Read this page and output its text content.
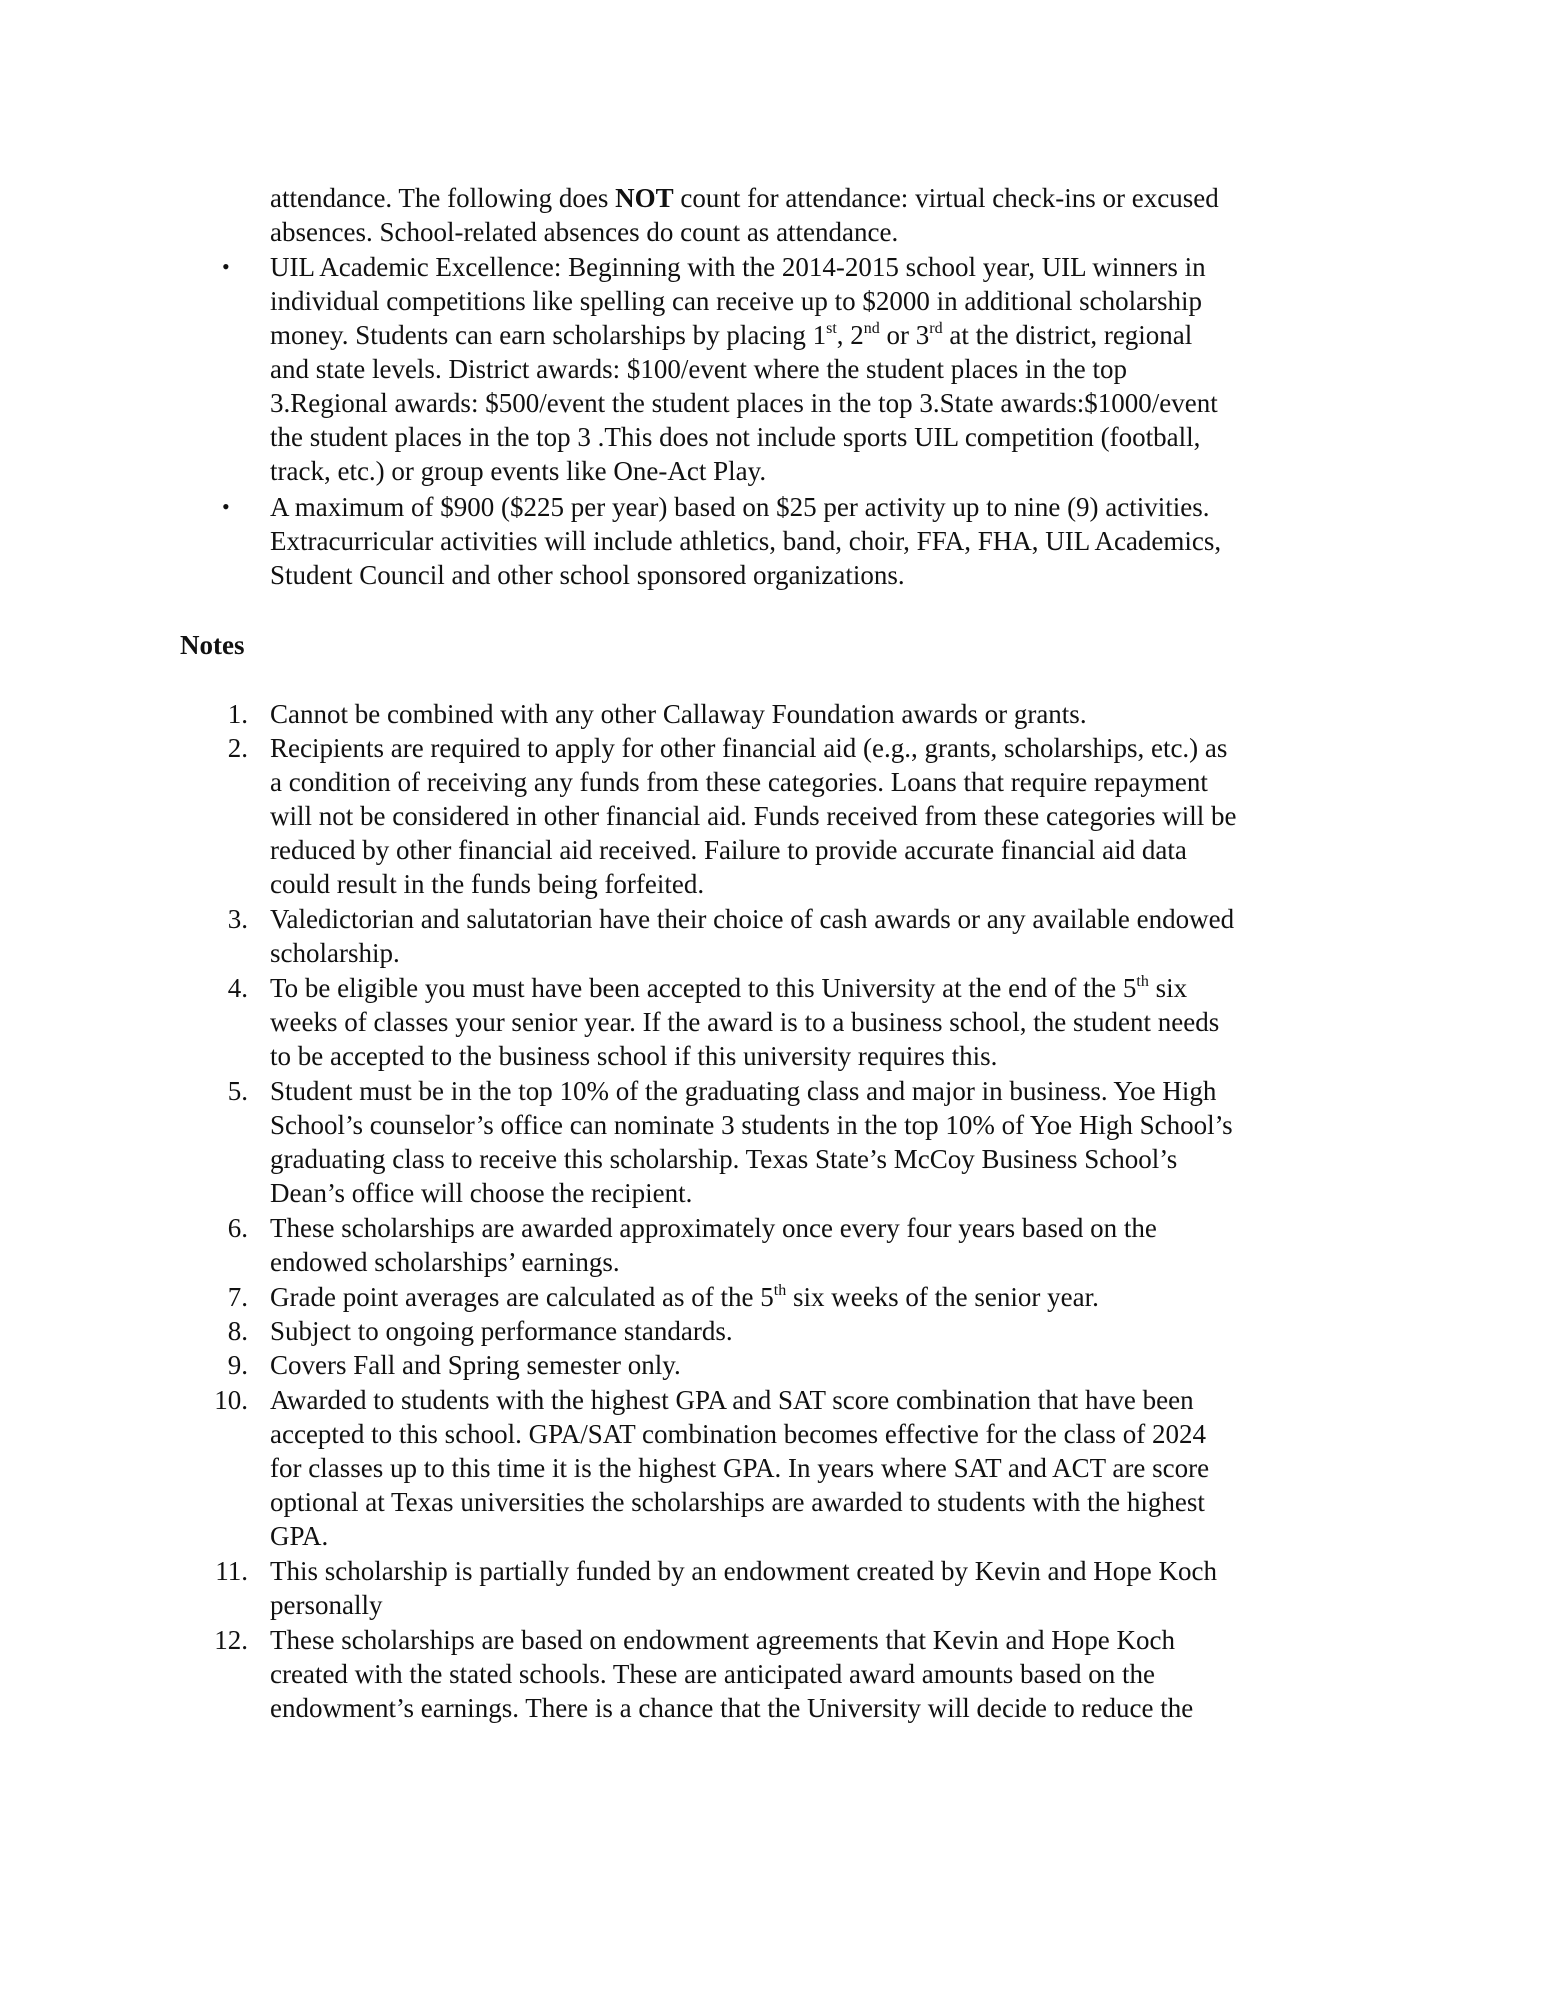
attendance. The following does NOT count for attendance: virtual check-ins or excused
absences. School-related absences do count as attendance.
• UIL Academic Excellence: Beginning with the 2014-2015 school year, UIL winners in
individual competitions like spelling can receive up to $2000 in additional scholarship
money. Students can earn scholarships by placing 1st, 2nd or 3rd at the district, regional
and state levels. District awards: $100/event where the student places in the top
3.Regional awards: $500/event the student places in the top 3.State awards:$1000/event
the student places in the top 3 .This does not include sports UIL competition (football,
track, etc.) or group events like One-Act Play.
• A maximum of $900 ($225 per year) based on $25 per activity up to nine (9) activities.
Extracurricular activities will include athletics, band, choir, FFA, FHA, UIL Academics,
Student Council and other school sponsored organizations.
Notes
1. Cannot be combined with any other Callaway Foundation awards or grants.
2. Recipients are required to apply for other financial aid (e.g., grants, scholarships, etc.) as
a condition of receiving any funds from these categories. Loans that require repayment
will not be considered in other financial aid. Funds received from these categories will be
reduced by other financial aid received. Failure to provide accurate financial aid data
could result in the funds being forfeited.
3. Valedictorian and salutatorian have their choice of cash awards or any available endowed
scholarship.
4. To be eligible you must have been accepted to this University at the end of the 5th six
weeks of classes your senior year. If the award is to a business school, the student needs
to be accepted to the business school if this university requires this.
5. Student must be in the top 10% of the graduating class and major in business. Yoe High
School’s counselor’s office can nominate 3 students in the top 10% of Yoe High School’s
graduating class to receive this scholarship. Texas State’s McCoy Business School’s
Dean’s office will choose the recipient.
6. These scholarships are awarded approximately once every four years based on the
endowed scholarships’ earnings.
7. Grade point averages are calculated as of the 5th six weeks of the senior year.
8. Subject to ongoing performance standards.
9. Covers Fall and Spring semester only.
10. Awarded to students with the highest GPA and SAT score combination that have been
accepted to this school. GPA/SAT combination becomes effective for the class of 2024
for classes up to this time it is the highest GPA. In years where SAT and ACT are score
optional at Texas universities the scholarships are awarded to students with the highest
GPA.
11. This scholarship is partially funded by an endowment created by Kevin and Hope Koch
personally
12. These scholarships are based on endowment agreements that Kevin and Hope Koch
created with the stated schools. These are anticipated award amounts based on the
endowment’s earnings. There is a chance that the University will decide to reduce the
